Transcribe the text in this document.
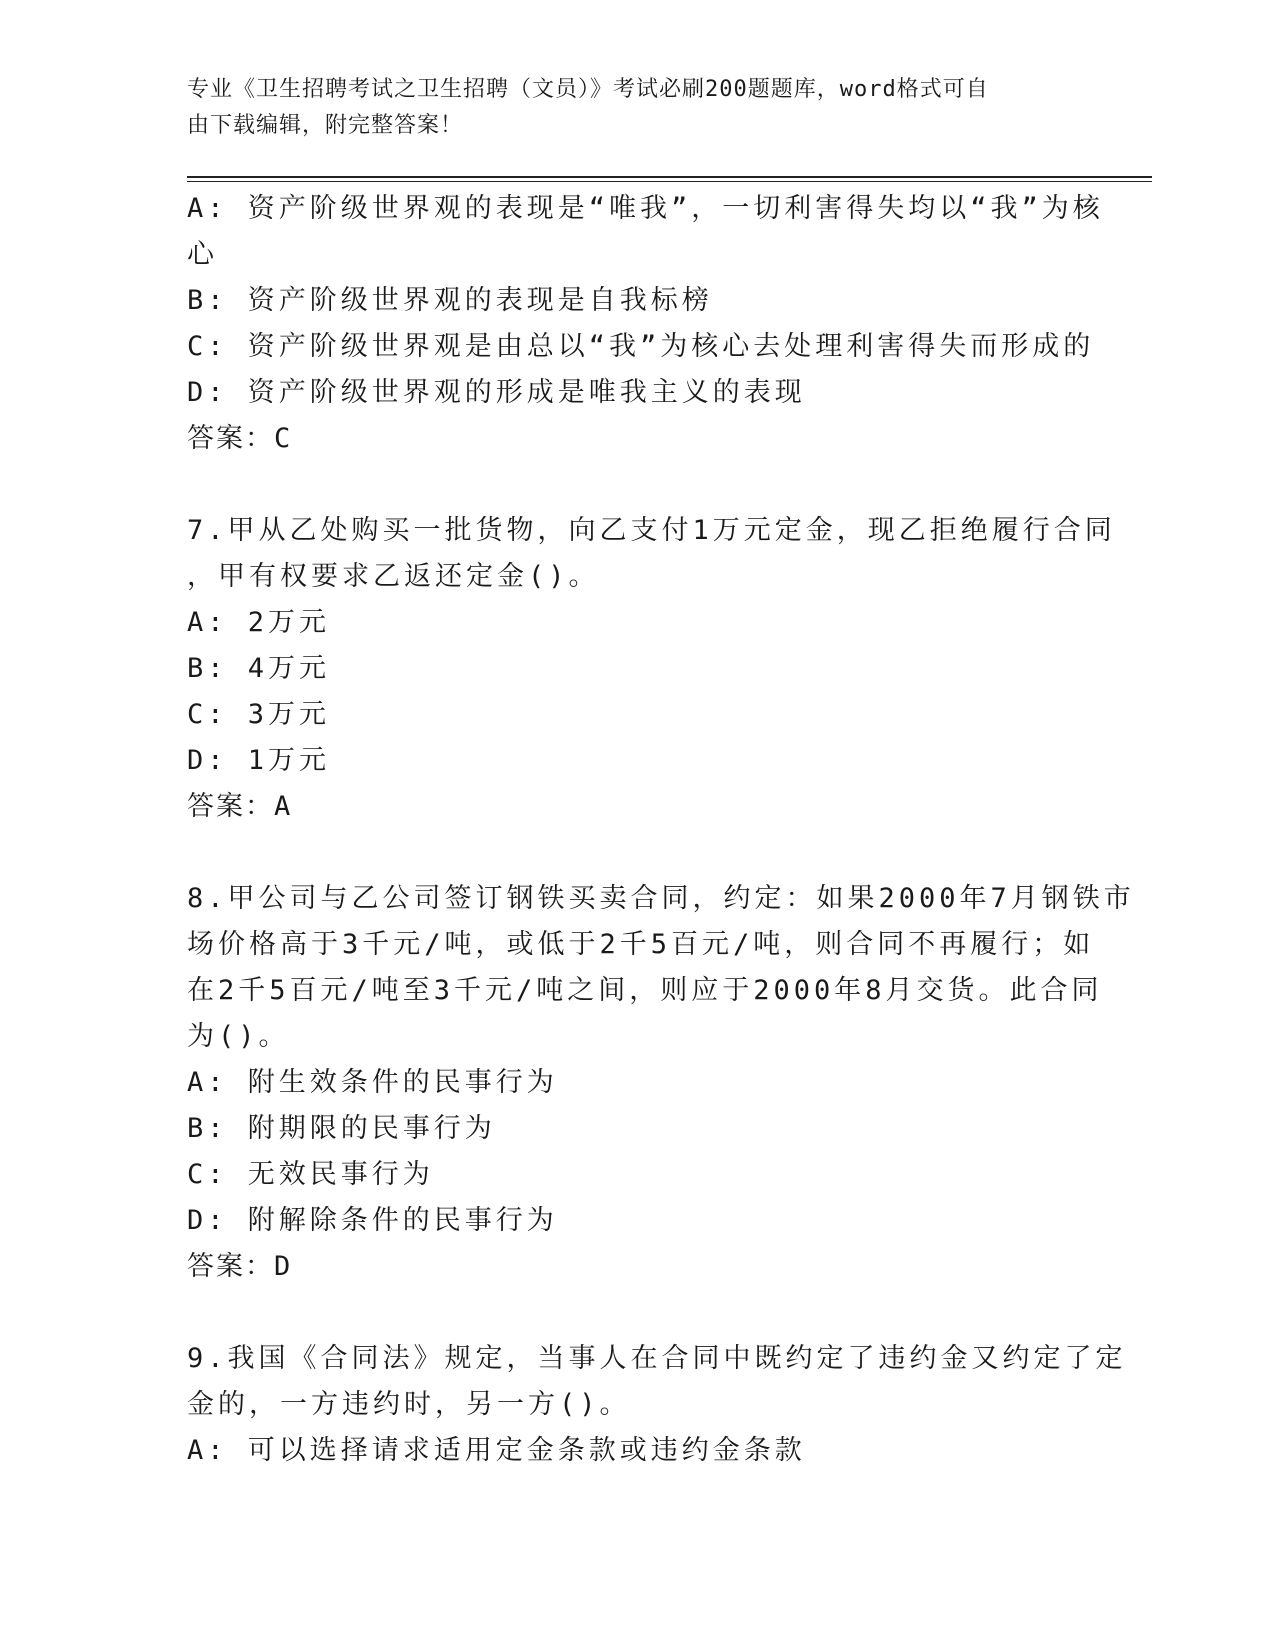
专业《卫生招聘考试之卫生招聘（文员）》考试必刷200题题库，word格式可自
由下载编辑，附完整答案！
A: 资产阶级世界观的表现是“唯我”，一切利害得失均以“我”为核
心
B: 资产阶级世界观的表现是自我标榜
C: 资产阶级世界观是由总以“我”为核心去处理利害得失而形成的
D: 资产阶级世界观的形成是唯我主义的表现
答案：C
7.甲从乙处购买一批货物，向乙支付1万元定金，现乙拒绝履行合同
，甲有权要求乙返还定金()。
A: 2万元
B: 4万元
C: 3万元
D: 1万元
答案：A
8.甲公司与乙公司签订钢铁买卖合同，约定：如果2000年7月钢铁市
场价格高于3千元/吨，或低于2千5百元/吨，则合同不再履行；如
在2千5百元/吨至3千元/吨之间，则应于2000年8月交货。此合同
为()。
A: 附生效条件的民事行为
B: 附期限的民事行为
C: 无效民事行为
D: 附解除条件的民事行为
答案：D
9.我国《合同法》规定，当事人在合同中既约定了违约金又约定了定
金的，一方违约时，另一方()。
A: 可以选择请求适用定金条款或违约金条款
